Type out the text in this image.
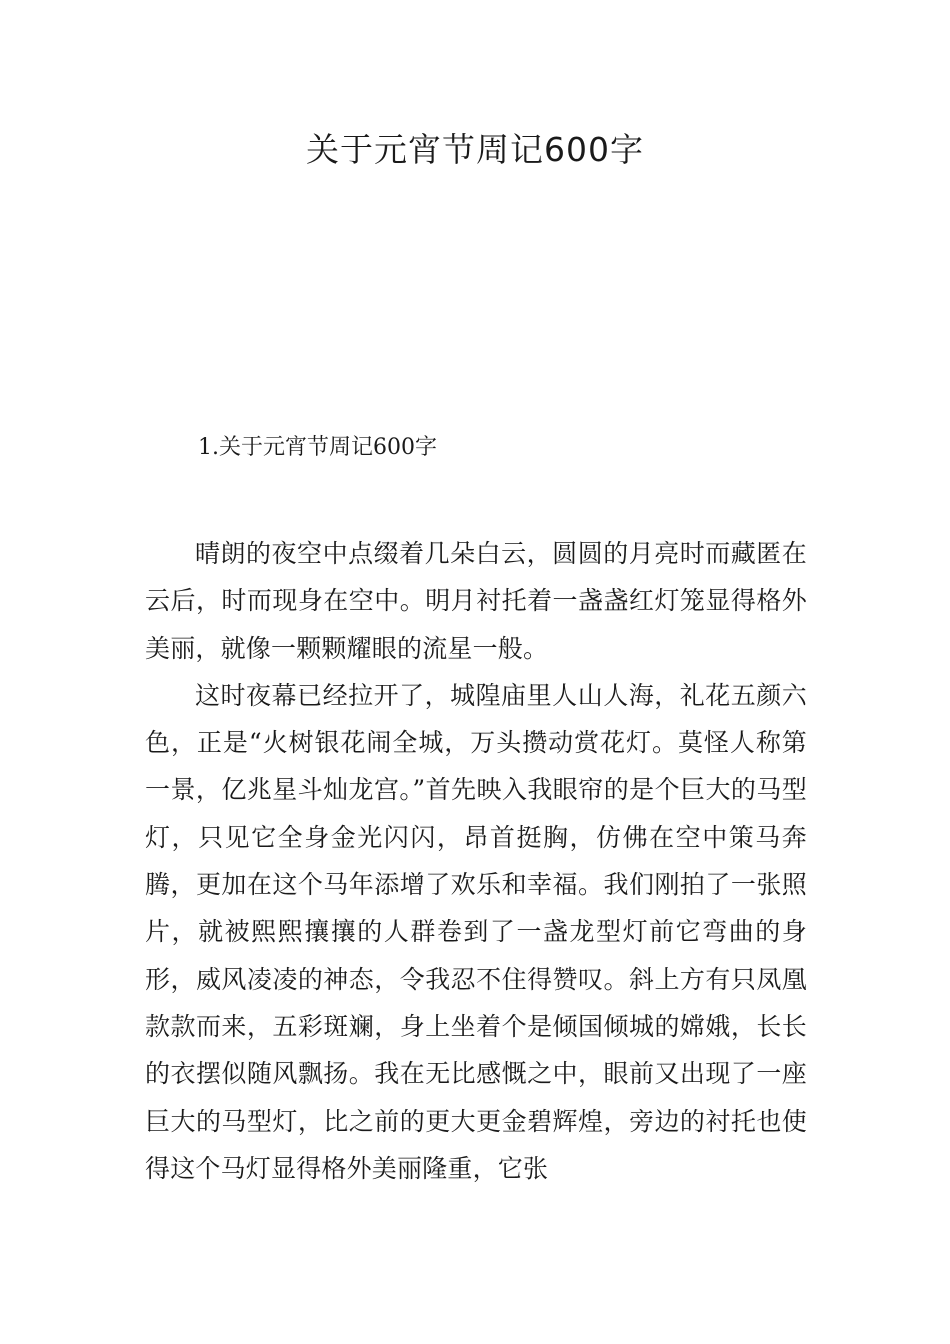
关于元宵节周记600字
1.关于元宵节周记600字

晴朗的夜空中点缀着几朵白云，圆圆的月亮时而藏匿在云后，时而现身在空中。明月衬托着一盏盏红灯笼显得格外美丽，就像一颗颗耀眼的流星一般。

这时夜幕已经拉开了，城隍庙里人山人海，礼花五颜六色，正是“火树银花闹全城，万头攒动赏花灯。莫怪人称第一景，亿兆星斗灿龙宫。”首先映入我眼帘的是个巨大的马型灯，只见它全身金光闪闪，昂首挺胸，仿佛在空中策马奔腾，更加在这个马年添增了欢乐和幸福。我们刚拍了一张照片，就被熙熙攘攘的人群卷到了一盏龙型灯前它弯曲的身形，威风凌凌的神态，令我忍不住得赞叹。斜上方有只凤凰款款而来，五彩斑斓，身上坐着个是倾国倾城的嫦娥，长长的衣摆似随风飘扬。我在无比感慨之中，眼前又出现了一座巨大的马型灯，比之前的更大更金碧辉煌，旁边的衬托也使得这个马灯显得格外美丽隆重，它张
